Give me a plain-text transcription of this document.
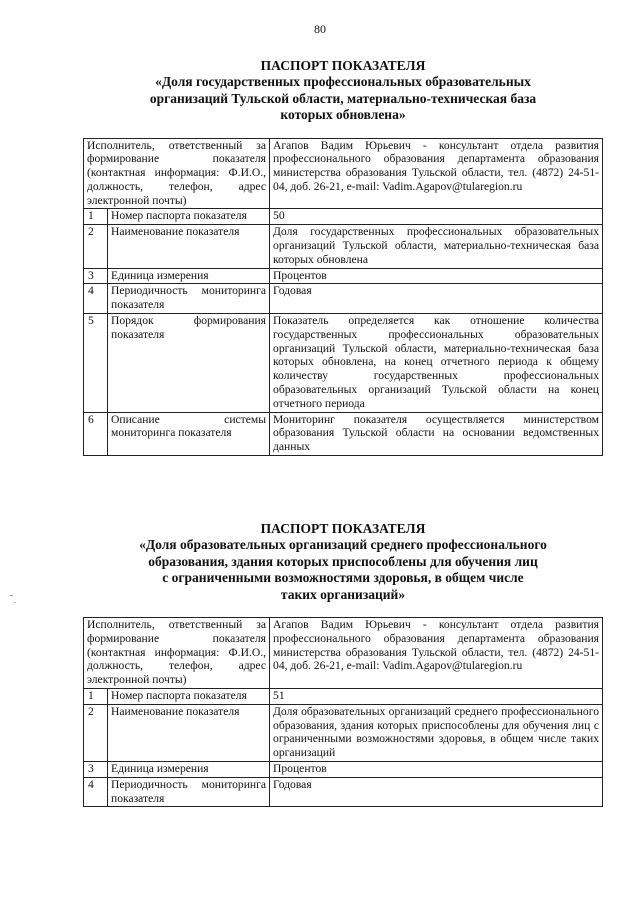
80
ПАСПОРТ ПОКАЗАТЕЛЯ
«Доля государственных профессиональных образовательных
организаций Тульской области, материально-техническая база
которых обновлена»
Исполнитель, ответственный за формирование показателя (контактная информация: Ф.И.О., должность, телефон, адрес электронной почты)		Агапов Вадим Юрьевич - консультант отдела развития профессионального образования департамента образования министерства образования Тульской области, тел. (4872) 24-51-04, доб. 26-21, e-mail: Vadim.Agapov@tularegion.ru
1	Номер паспорта показателя	50
2	Наименование показателя	Доля государственных профессиональных образовательных организаций Тульской области, материально-техническая база которых обновлена
3	Единица измерения	Процентов
4	Периодичность мониторинга показателя	Годовая
5	Порядок формирования показателя	Показатель определяется как отношение количества государственных профессиональных образовательных организаций Тульской области, материально-техническая база которых обновлена, на конец отчетного периода к общему количеству государственных профессиональных образовательных организаций Тульской области на конец отчетного периода
6	Описание системы мониторинга показателя	Мониторинг показателя осуществляется министерством образования Тульской области на основании ведомственных данных
ПАСПОРТ ПОКАЗАТЕЛЯ
«Доля образовательных организаций среднего профессионального
образования, здания которых приспособлены для обучения лиц
с ограниченными возможностями здоровья, в общем числе
таких организаций»
Исполнитель, ответственный за формирование показателя (контактная информация: Ф.И.О., должность, телефон, адрес электронной почты)		Агапов Вадим Юрьевич - консультант отдела развития профессионального образования департамента образования министерства образования Тульской области, тел. (4872) 24-51-04, доб. 26-21, e-mail: Vadim.Agapov@tularegion.ru
1	Номер паспорта показателя	51
2	Наименование показателя	Доля образовательных организаций среднего профессионального образования, здания которых приспособлены для обучения лиц с ограниченными возможностями здоровья, в общем числе таких организаций
3	Единица измерения	Процентов
4	Периодичность мониторинга показателя	Годовая
